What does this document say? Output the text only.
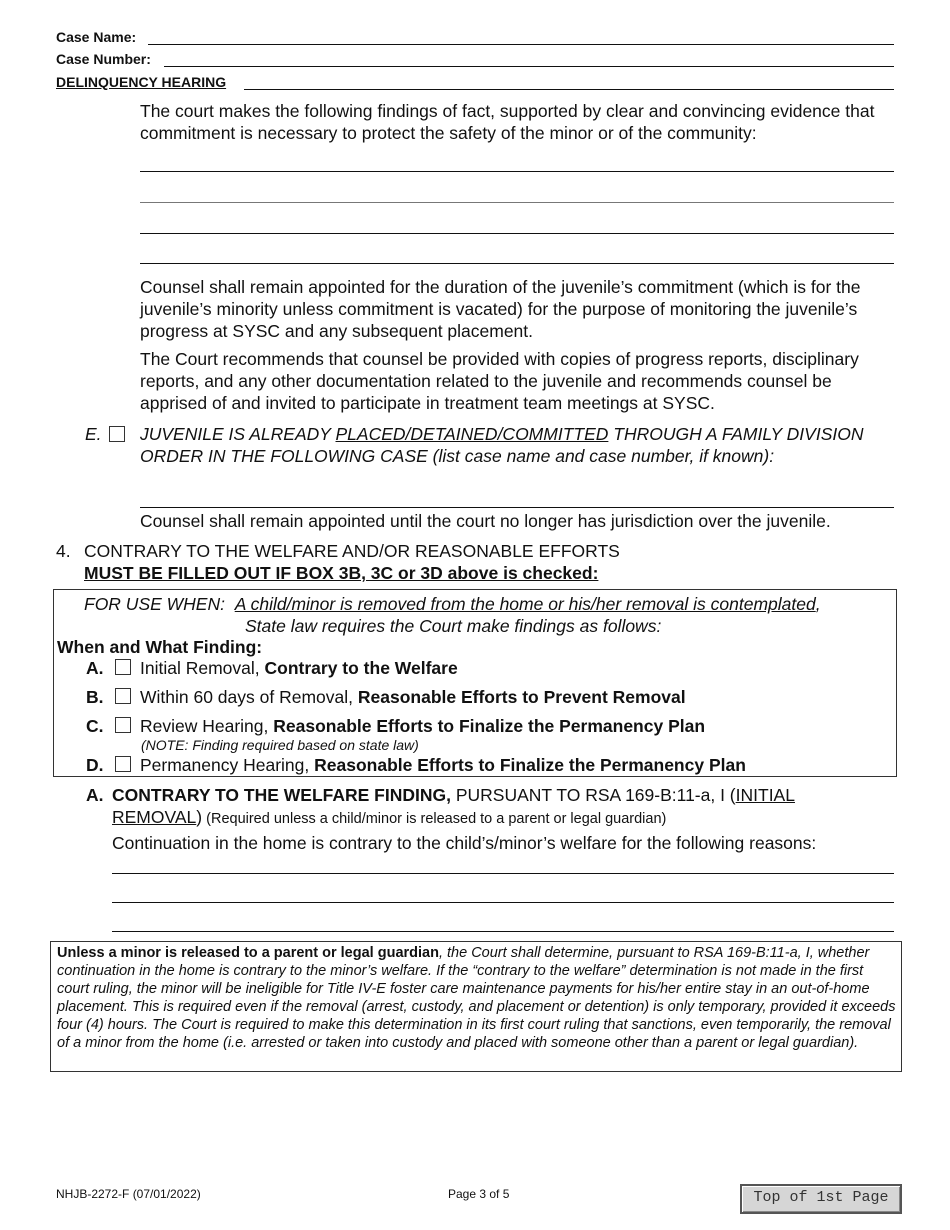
Case Name:
Case Number:
DELINQUENCY HEARING
The court makes the following findings of fact, supported by clear and convincing evidence that commitment is necessary to protect the safety of the minor or of the community:
Counsel shall remain appointed for the duration of the juvenile’s commitment (which is for the juvenile’s minority unless commitment is vacated) for the purpose of monitoring the juvenile’s progress at SYSC and any subsequent placement.
The Court recommends that counsel be provided with copies of progress reports, disciplinary reports, and any other documentation related to the juvenile and recommends counsel be apprised of and invited to participate in treatment team meetings at SYSC.
E. JUVENILE IS ALREADY PLACED/DETAINED/COMMITTED THROUGH A FAMILY DIVISION ORDER IN THE FOLLOWING CASE (list case name and case number, if known):
Counsel shall remain appointed until the court no longer has jurisdiction over the juvenile.
4. CONTRARY TO THE WELFARE AND/OR REASONABLE EFFORTS
MUST BE FILLED OUT IF BOX 3B, 3C or 3D above is checked:
FOR USE WHEN: A child/minor is removed from the home or his/her removal is contemplated,
State law requires the Court make findings as follows:
When and What Finding:
A. Initial Removal, Contrary to the Welfare
B. Within 60 days of Removal, Reasonable Efforts to Prevent Removal
C. Review Hearing, Reasonable Efforts to Finalize the Permanency Plan
(NOTE: Finding required based on state law)
D. Permanency Hearing, Reasonable Efforts to Finalize the Permanency Plan
A. CONTRARY TO THE WELFARE FINDING, PURSUANT TO RSA 169-B:11-a, I (INITIAL REMOVAL) (Required unless a child/minor is released to a parent or legal guardian)
Continuation in the home is contrary to the child’s/minor’s welfare for the following reasons:
Unless a minor is released to a parent or legal guardian, the Court shall determine, pursuant to RSA 169-B:11-a, I, whether continuation in the home is contrary to the minor’s welfare. If the “contrary to the welfare” determination is not made in the first court ruling, the minor will be ineligible for Title IV-E foster care maintenance payments for his/her entire stay in an out-of-home placement. This is required even if the removal (arrest, custody, and placement or detention) is only temporary, provided it exceeds four (4) hours. The Court is required to make this determination in its first court ruling that sanctions, even temporarily, the removal of a minor from the home (i.e. arrested or taken into custody and placed with someone other than a parent or legal guardian).
NHJB-2272-F (07/01/2022)	Page 3 of 5	Top of 1st Page
